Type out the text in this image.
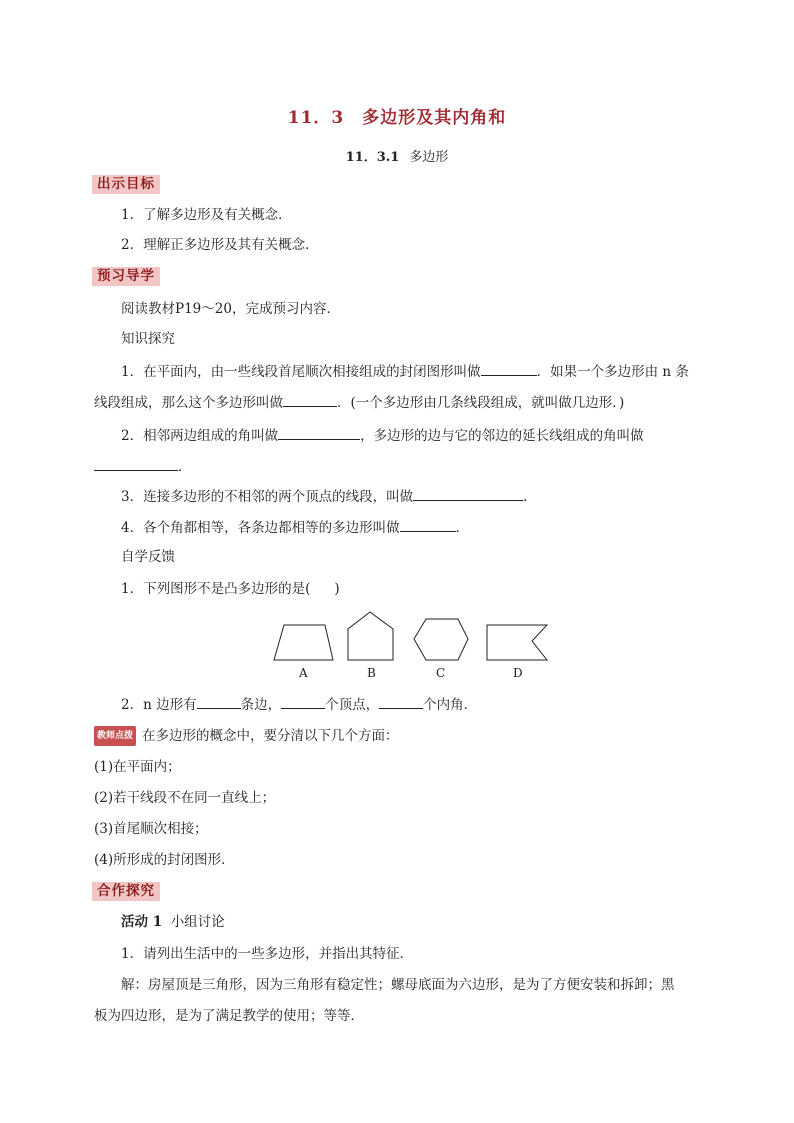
11．3　多边形及其内角和
11．3.1 多边形
出示目标
1．了解多边形及有关概念．
2．理解正多边形及其有关概念．
预习导学
阅读教材P19～20，完成预习内容．
知识探究
1．在平面内，由一些线段首尾顺次相接组成的封闭图形叫做	．如果一个多边形由 n 条
线段组成，那么这个多边形叫做	．(一个多边形由几条线段组成，就叫做几边形．)
2．相邻两边组成的角叫做	，多边形的边与它的邻边的延长线组成的角叫做
．
3．连接多边形的不相邻的两个顶点的线段，叫做	．
4．各个角都相等，各条边都相等的多边形叫做	．
自学反馈
1．下列图形不是凸多边形的是( )
A	B	C	D
2．n 边形有	条边，	个顶点，	个内角．
教师点拨 在多边形的概念中，要分清以下几个方面：
(1)在平面内；
(2)若干线段不在同一直线上；
(3)首尾顺次相接；
(4)所形成的封闭图形．
合作探究
活动 1 小组讨论
1．请列出生活中的一些多边形，并指出其特征．
解：房屋顶是三角形，因为三角形有稳定性；螺母底面为六边形，是为了方便安装和拆卸；黑
板为四边形，是为了满足教学的使用；等等．
